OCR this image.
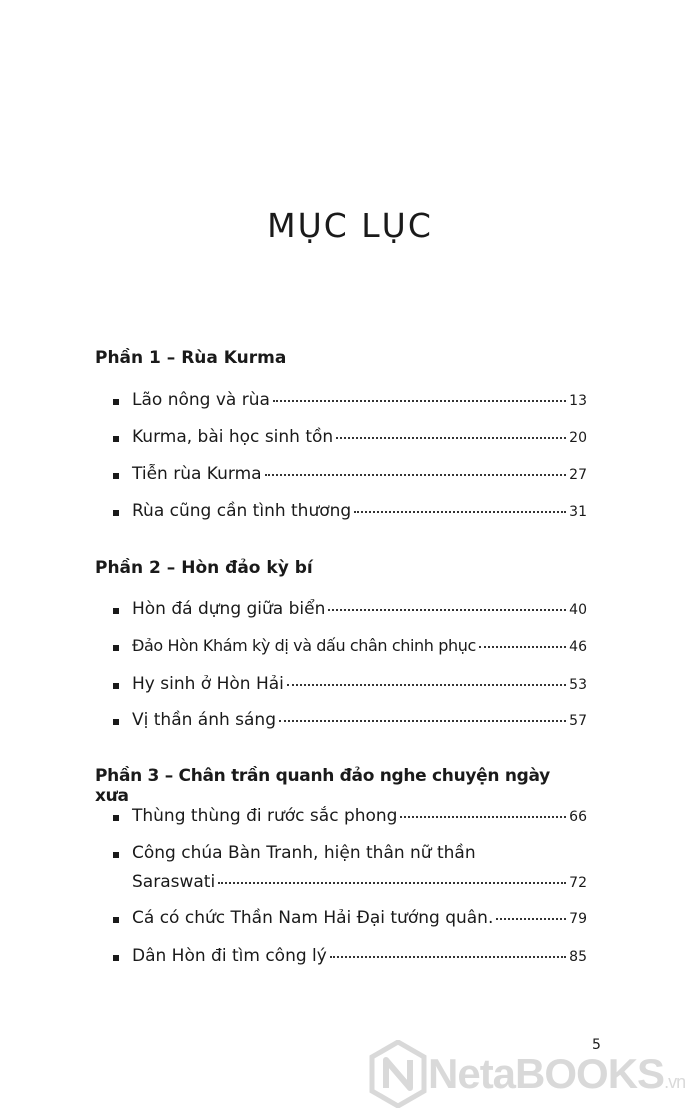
MỤC LỤC
Phần 1 – Rùa Kurma
Lão nông và rùa	13
Kurma, bài học sinh tồn	20
Tiễn rùa Kurma	27
Rùa cũng cần tình thương	31
Phần 2 – Hòn đảo kỳ bí
Hòn đá dựng giữa biển	40
Đảo Hòn Khám kỳ dị và dấu chân chinh phục	46
Hy sinh ở Hòn Hải	53
Vị thần ánh sáng	57
Phần 3 – Chân trần quanh đảo nghe chuyện ngày xưa
Thùng thùng đi rước sắc phong	66
Công chúa Bàn Tranh, hiện thân nữ thần
Saraswati	72
Cá có chức Thần Nam Hải Đại tướng quân.	79
Dân Hòn đi tìm công lý	85
5
NetaBOOKS.vn
